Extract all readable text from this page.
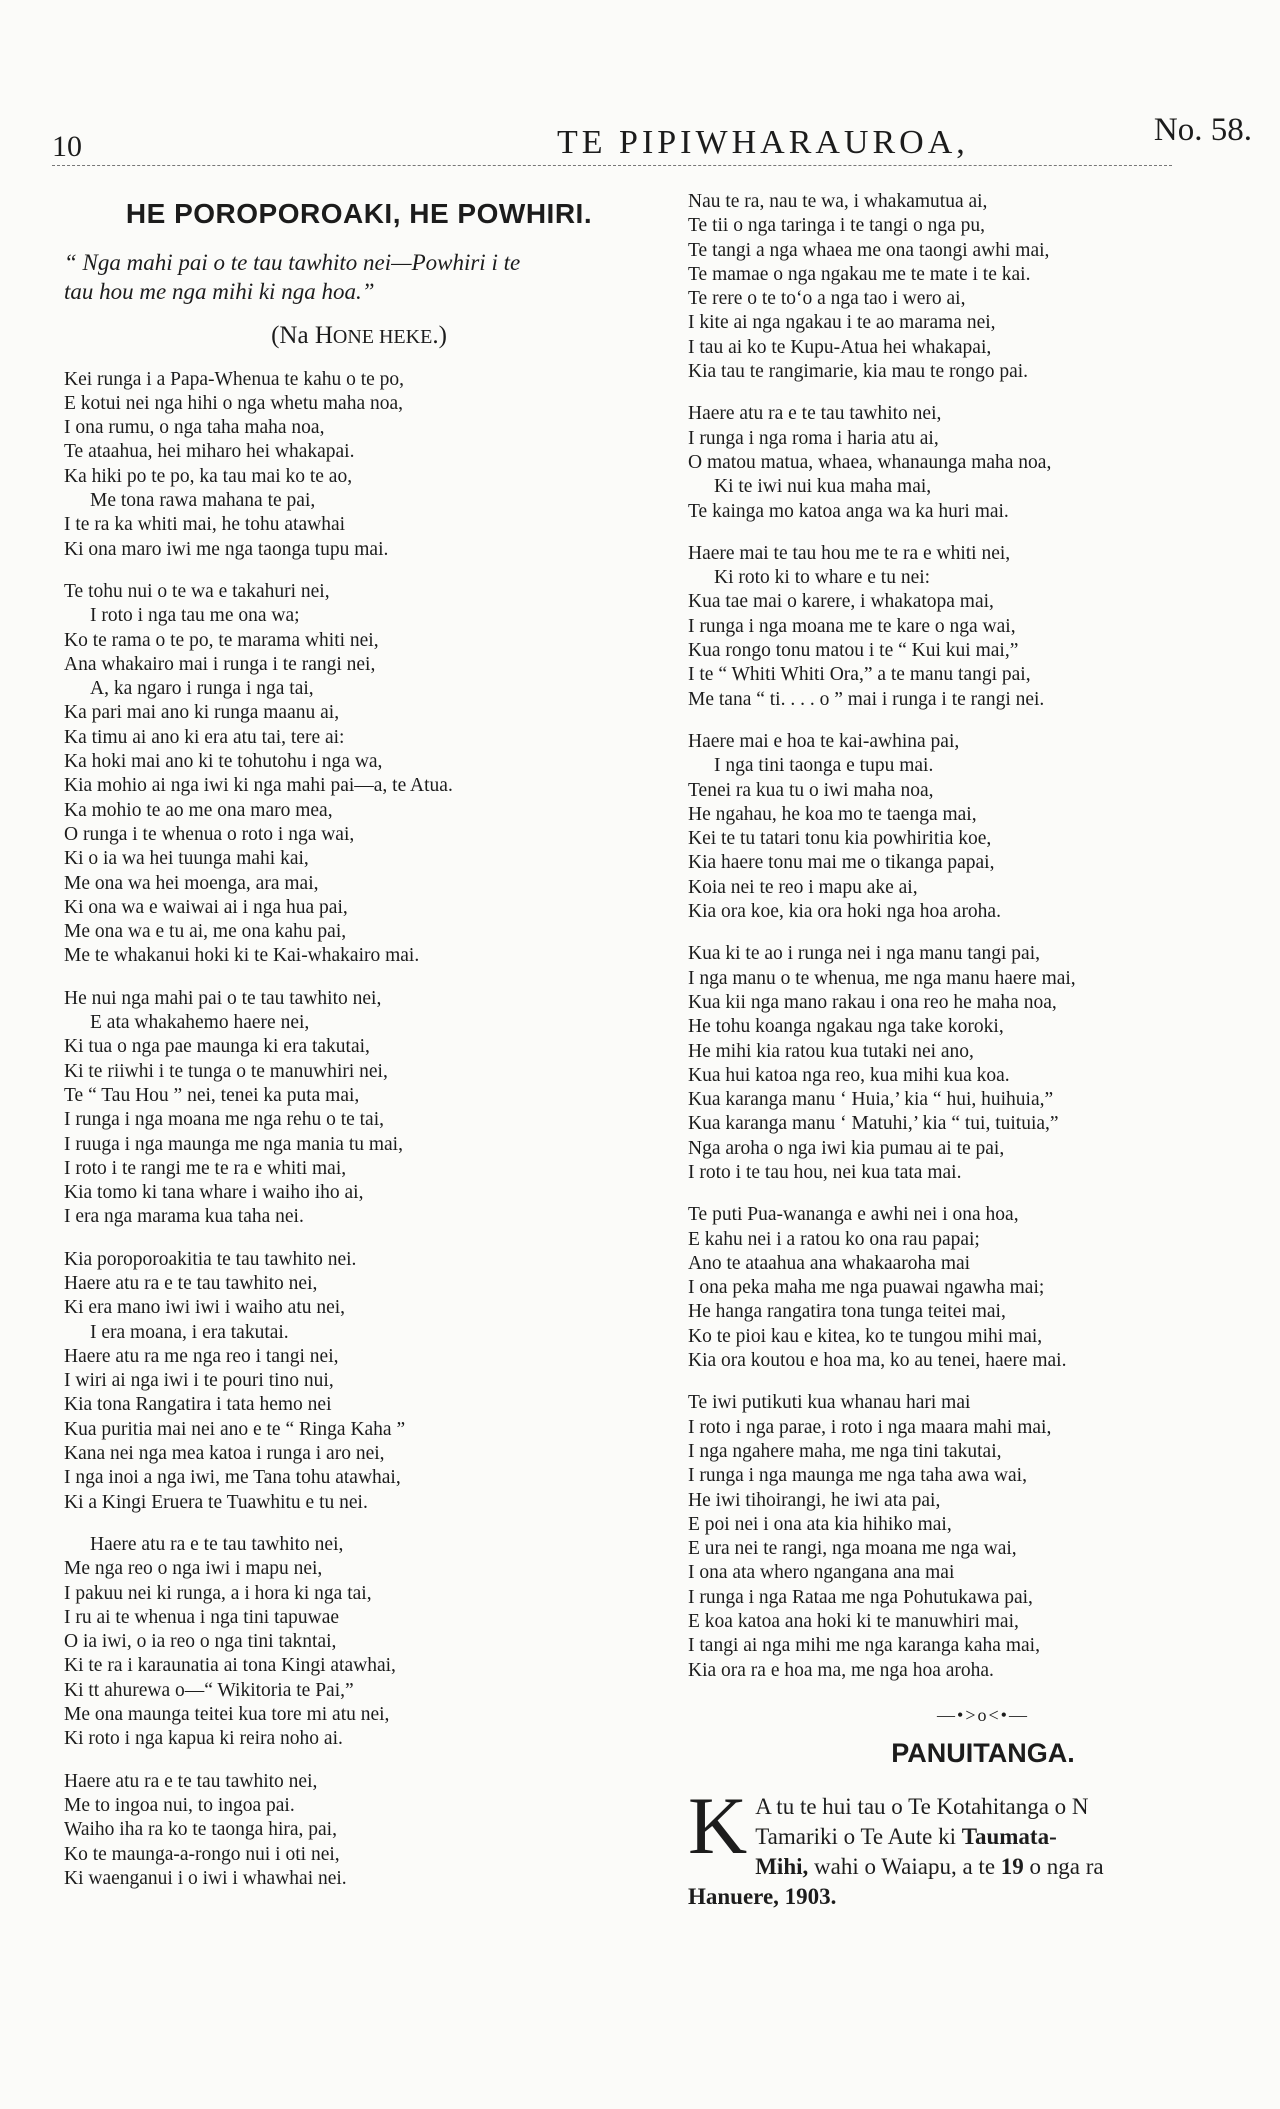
10	TE PIPIWHARAUROA,	No. 58.
HE POROPOROAKI, HE POWHIRI.
“ Nga mahi pai o te tau tawhito nei—Powhiri i te
tau hou me nga mihi ki nga hoa.”
(Na HONE HEKE.)
Kei runga i a Papa-Whenua te kahu o te po,
E kotui nei nga hihi o nga whetu maha noa,
I ona rumu, o nga taha maha noa,
Te ataahua, hei miharo hei whakapai.
Ka hiki po te po, ka tau mai ko te ao,
Me tona rawa mahana te pai,
I te ra ka whiti mai, he tohu atawhai
Ki ona maro iwi me nga taonga tupu mai.
Te tohu nui o te wa e takahuri nei,
I roto i nga tau me ona wa;
Ko te rama o te po, te marama whiti nei,
Ana whakairo mai i runga i te rangi nei,
A, ka ngaro i runga i nga tai,
Ka pari mai ano ki runga maanu ai,
Ka timu ai ano ki era atu tai, tere ai:
Ka hoki mai ano ki te tohutohu i nga wa,
Kia mohio ai nga iwi ki nga mahi pai—a, te Atua.
Ka mohio te ao me ona maro mea,
O runga i te whenua o roto i nga wai,
Ki o ia wa hei tuunga mahi kai,
Me ona wa hei moenga, ara mai,
Ki ona wa e waiwai ai i nga hua pai,
Me ona wa e tu ai, me ona kahu pai,
Me te whakanui hoki ki te Kai-whakairo mai.
He nui nga mahi pai o te tau tawhito nei,
E ata whakahemo haere nei,
Ki tua o nga pae maunga ki era takutai,
Ki te riiwhi i te tunga o te manuwhiri nei,
Te “ Tau Hou ” nei, tenei ka puta mai,
I runga i nga moana me nga rehu o te tai,
I ruuga i nga maunga me nga mania tu mai,
I roto i te rangi me te ra e whiti mai,
Kia tomo ki tana whare i waiho iho ai,
I era nga marama kua taha nei.
Kia poroporoakitia te tau tawhito nei.
Haere atu ra e te tau tawhito nei,
Ki era mano iwi iwi i waiho atu nei,
I era moana, i era takutai.
Haere atu ra me nga reo i tangi nei,
I wiri ai nga iwi i te pouri tino nui,
Kia tona Rangatira i tata hemo nei
Kua puritia mai nei ano e te “ Ringa Kaha ”
Kana nei nga mea katoa i runga i aro nei,
I nga inoi a nga iwi, me Tana tohu atawhai,
Ki a Kingi Eruera te Tuawhitu e tu nei.
Haere atu ra e te tau tawhito nei,
Me nga reo o nga iwi i mapu nei,
I pakuu nei ki runga, a i hora ki nga tai,
I ru ai te whenua i nga tini tapuwae
O ia iwi, o ia reo o nga tini takntai,
Ki te ra i karaunatia ai tona Kingi atawhai,
Ki tt ahurewa o—“ Wikitoria te Pai,”
Me ona maunga teitei kua tore mi atu nei,
Ki roto i nga kapua ki reira noho ai.
Haere atu ra e te tau tawhito nei,
Me to ingoa nui, to ingoa pai.
Waiho iha ra ko te taonga hira, pai,
Ko te maunga-a-rongo nui i oti nei,
Ki waenganui i o iwi i whawhai nei.
Nau te ra, nau te wa, i whakamutua ai,
Te tii o nga taringa i te tangi o nga pu,
Te tangi a nga whaea me ona taongi awhi mai,
Te mamae o nga ngakau me te mate i te kai.
Te rere o te to‘o a nga tao i wero ai,
I kite ai nga ngakau i te ao marama nei,
I tau ai ko te Kupu-Atua hei whakapai,
Kia tau te rangimarie, kia mau te rongo pai.
Haere atu ra e te tau tawhito nei,
I runga i nga roma i haria atu ai,
O matou matua, whaea, whanaunga maha noa,
Ki te iwi nui kua maha mai,
Te kainga mo katoa anga wa ka huri mai.
Haere mai te tau hou me te ra e whiti nei,
Ki roto ki to whare e tu nei:
Kua tae mai o karere, i whakatopa mai,
I runga i nga moana me te kare o nga wai,
Kua rongo tonu matou i te “ Kui kui mai,”
I te “ Whiti Whiti Ora,” a te manu tangi pai,
Me tana “ ti. . . . o ” mai i runga i te rangi nei.
Haere mai e hoa te kai-awhina pai,
I nga tini taonga e tupu mai.
Tenei ra kua tu o iwi maha noa,
He ngahau, he koa mo te taenga mai,
Kei te tu tatari tonu kia powhiritia koe,
Kia haere tonu mai me o tikanga papai,
Koia nei te reo i mapu ake ai,
Kia ora koe, kia ora hoki nga hoa aroha.
Kua ki te ao i runga nei i nga manu tangi pai,
I nga manu o te whenua, me nga manu haere mai,
Kua kii nga mano rakau i ona reo he maha noa,
He tohu koanga ngakau nga take koroki,
He mihi kia ratou kua tutaki nei ano,
Kua hui katoa nga reo, kua mihi kua koa.
Kua karanga manu ‘ Huia,’ kia “ hui, huihuia,”
Kua karanga manu ‘ Matuhi,’ kia “ tui, tuituia,”
Nga aroha o nga iwi kia pumau ai te pai,
I roto i te tau hou, nei kua tata mai.
Te puti Pua-wananga e awhi nei i ona hoa,
E kahu nei i a ratou ko ona rau papai;
Ano te ataahua ana whakaaroha mai
I ona peka maha me nga puawai ngawha mai;
He hanga rangatira tona tunga teitei mai,
Ko te pioi kau e kitea, ko te tungou mihi mai,
Kia ora koutou e hoa ma, ko au tenei, haere mai.
Te iwi putikuti kua whanau hari mai
I roto i nga parae, i roto i nga maara mahi mai,
I nga ngahere maha, me nga tini takutai,
I runga i nga maunga me nga taha awa wai,
He iwi tihoirangi, he iwi ata pai,
E poi nei i ona ata kia hihiko mai,
E ura nei te rangi, nga moana me nga wai,
I ona ata whero ngangana ana mai
I runga i nga Rataa me nga Pohutukawa pai,
E koa katoa ana hoki ki te manuwhiri mai,
I tangi ai nga mihi me nga karanga kaha mai,
Kia ora ra e hoa ma, me nga hoa aroha.
—•>o<•—
PANUITANGA.
K A tu te hui tau o Te Kotahitanga o N
Tamariki o Te Aute ki Taumata-
Mihi, wahi o Waiapu, a te 19 o nga ra
Hanuere, 1903.
